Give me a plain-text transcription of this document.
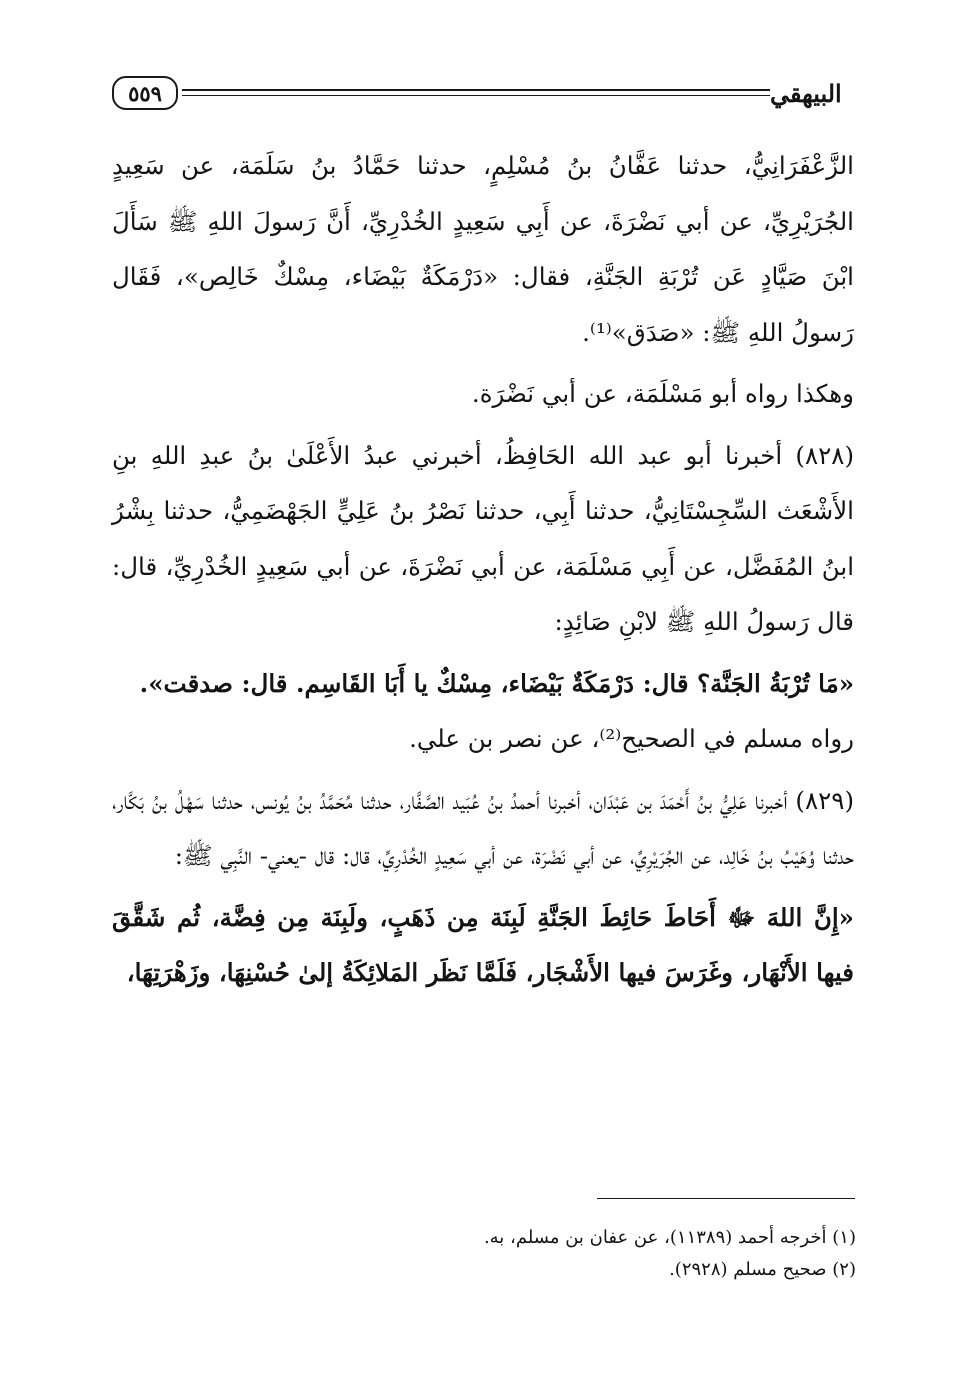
٥٥٩	البيهقي

الزَّعْفَرَانِيُّ، حدثنا عَفَّانُ بنُ مُسْلِمٍ، حدثنا حَمَّادُ بنُ سَلَمَة، عن سَعِيدٍ الجُرَيْرِيِّ، عن أبي نَضْرَةَ، عن أَبِي سَعِيدٍ الخُدْرِيِّ، أَنَّ رَسولَ اللهِ ﷺ سَأَلَ ابْنَ صَيَّادٍ عَن تُرْبَةِ الجَنَّةِ، فقال: «دَرْمَكَةٌ بَيْضَاء، مِسْكٌ خَالِص»، فَقَال رَسولُ اللهِ ﷺ: «صَدَق»⁽¹⁾.

وهكذا رواه أبو مَسْلَمَة، عن أبي نَضْرَة.

(٨٢٨) أخبرنا أبو عبد الله الحَافِظُ، أخبرني عبدُ الأَعْلَىٰ بنُ عبدِ اللهِ بنِ الأَشْعَث السِّجِسْتَانِيُّ، حدثنا أَبِي، حدثنا نَصْرُ بنُ عَلِيٍّ الجَهْضَمِيُّ، حدثنا بِشْرُ ابنُ المُفَضَّل، عن أَبِي مَسْلَمَة، عن أبي نَضْرَةَ، عن أبي سَعِيدٍ الخُدْرِيِّ، قال: قال رَسولُ اللهِ ﷺ لابْنِ صَائِدٍ:

«مَا تُرْبَةُ الجَنَّة؟ قال: دَرْمَكَةٌ بَيْضَاء، مِسْكٌ يا أَبَا القَاسِم. قال: صدقت».

رواه مسلم في الصحيح⁽²⁾، عن نصر بن علي.

(٨٢٩) أخبرنا عَلِيُّ بنُ أَحْمَدَ بن عَبْدَان، أخبرنا أحمدُ بنُ عُبَيد الصَّفَّار، حدثنا مُحَمَّدُ بنُ يُونس، حدثنا سَهْلُ بنُ بَكَّار، حدثنا وُهَيْبُ بنُ خَالِد، عن الجُرَيْرِيِّ، عن أبي نَضْرَة، عن أبي سَعِيدٍ الخُدْرِيِّ، قال: قال -يعني- النَّبِي ﷺ:

«إِنَّ اللهَ ﷻ أَحَاطَ حَائِطَ الجَنَّةِ لَبِنَة مِن ذَهَبٍ، ولَبِنَة مِن فِضَّة، ثُم شَقَّقَ فيها الأَنْهَار، وغَرَسَ فيها الأَشْجَار، فَلَمَّا نَظَر المَلائِكَةُ إلىٰ حُسْنِهَا، وزَهْرَتِهَا،

(١) أخرجه أحمد (١١٣٨٩)، عن عفان بن مسلم، به.

(٢) صحيح مسلم (٢٩٢٨).
